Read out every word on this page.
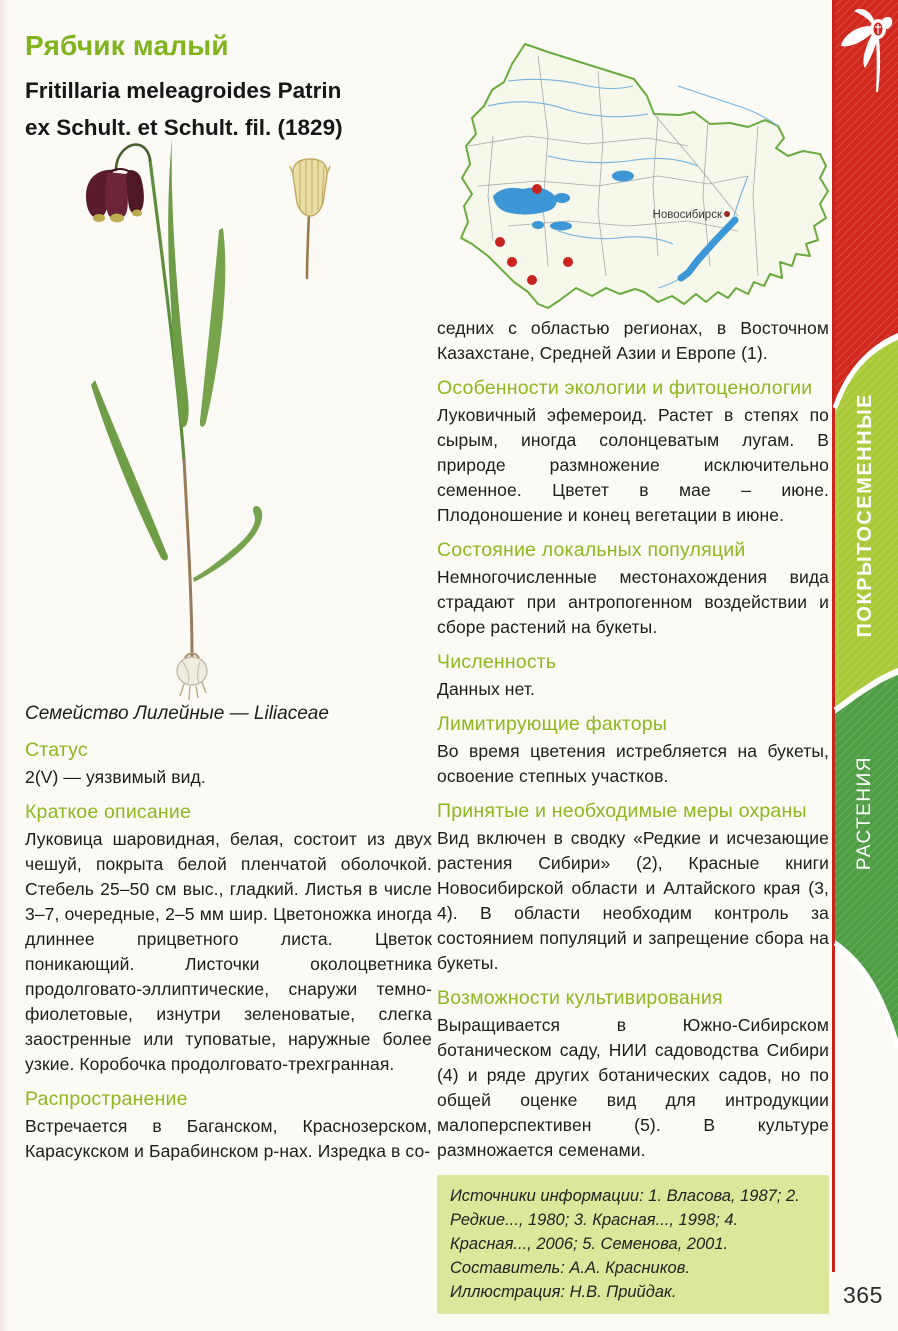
Рябчик малый
Fritillaria meleagroides Patrin
ex Schult. et Schult. fil. (1829)
Новосибирск

Семейство Лилейные — Liliaceae

Статус

2(V) — уязвимый вид.

Краткое описание

Луковица шаровидная, белая, состоит из двух чешуй, покрыта белой пленчатой оболочкой. Стебель 25–50 см выс., гладкий. Листья в числе 3–7, очередные, 2–5 мм шир. Цветоножка иногда длиннее прицветного листа. Цветок поникающий. Листочки околоцветника продолговато-эллиптические, снаружи темно-фиолетовые, изнутри зеленоватые, слегка заостренные или туповатые, наружные более узкие. Коробочка продолговато-трехгранная.

Распространение

Встречается в Баганском, Краснозерском, Карасукском и Барабинском р-нах. Изредка в со-

седних с областью регионах, в Восточном Казахстане, Средней Азии и Европе (1).

Особенности экологии и фитоценологии

Луковичный эфемероид. Растет в степях по сырым, иногда солонцеватым лугам. В природе размножение исключительно семенное. Цветет в мае – июне. Плодоношение и конец вегетации в июне.

Состояние локальных популяций

Немногочисленные местонахождения вида страдают при антропогенном воздействии и сборе растений на букеты.

Численность

Данных нет.

Лимитирующие факторы

Во время цветения истребляется на букеты, освоение степных участков.

Принятые и необходимые меры охраны

Вид включен в сводку «Редкие и исчезающие растения Сибири» (2), Красные книги Новосибирской области и Алтайского края (3, 4). В области необходим контроль за состоянием популяций и запрещение сбора на букеты.

Возможности культивирования

Выращивается в Южно-Сибирском ботаническом саду, НИИ садоводства Сибири (4) и ряде других ботанических садов, но по общей оценке вид для интродукции малоперспективен (5). В культуре размножается семенами.

Источники информации: 1. Власова, 1987; 2. Редкие..., 1980; 3. Красная..., 1998; 4. Красная..., 2006; 5. Семенова, 2001.

Составитель: А.А. Красников.

Иллюстрация: Н.В. Прийдак.

ПОКРЫТОСЕМЕННЫЕ
РАСТЕНИЯ
365
